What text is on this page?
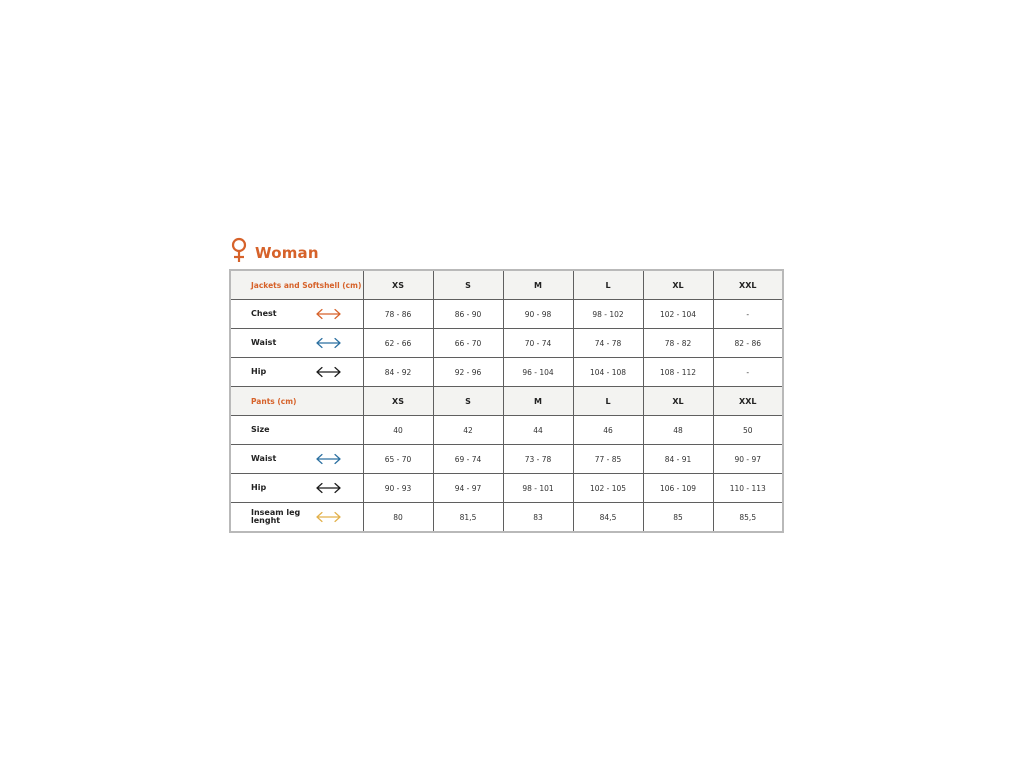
Woman
Jackets and Softshell (cm)	XS	S	M	L	XL	XXL

Chest	78 - 86	86 - 90	90 - 98	98 - 102	102 - 104	-

Waist	62 - 66	66 - 70	70 - 74	74 - 78	78 - 82	82 - 86

Hip	84 - 92	92 - 96	96 - 104	104 - 108	108 - 112	-

Pants (cm)	XS	S	M	L	XL	XXL

Size	40	42	44	46	48	50

Waist	65 - 70	69 - 74	73 - 78	77 - 85	84 - 91	90 - 97

Hip	90 - 93	94 - 97	98 - 101	102 - 105	106 - 109	110 - 113

Inseam leg lenght	80	81,5	83	84,5	85	85,5
